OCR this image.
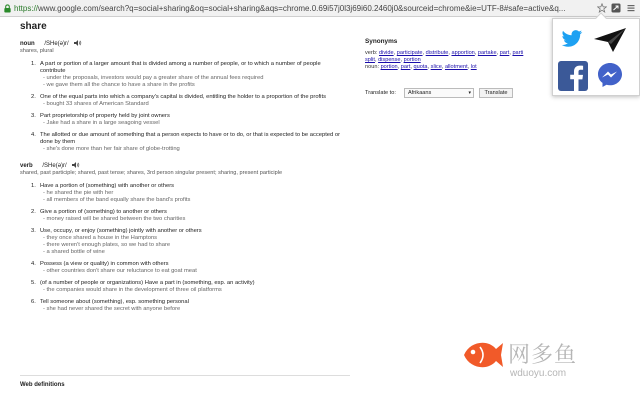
https://www.google.com/search?q=social+sharing&oq=social+sharing&aqs=chrome.0.69i57j0l3j69i60.2460j0&sourceid=chrome&ie=UTF-8#safe=active&q...
share
noun /SHe(ə)r/
shares, plural
1. A part or portion of a larger amount that is divided among a number of people, or to which a number of people contribute
- under the proposals, investors would pay a greater share of the annual fees required
- we gave them all the chance to have a share in the profits
2. One of the equal parts into which a company's capital is divided, entitling the holder to a proportion of the profits
- bought 33 shares of American Standard
3. Part proprietorship of property held by joint owners
- Jake had a share in a large seagoing vessel
4. The allotted or due amount of something that a person expects to have or to do, or that is expected to be accepted or done by them
- she's done more than her fair share of globe-trotting
verb /SHe(ə)r/
shared, past participle; shared, past tense; shares, 3rd person singular present; sharing, present participle
1. Have a portion of (something) with another or others
- he shared the pie with her
- all members of the band equally share the band's profits
2. Give a portion of (something) to another or others
- money raised will be shared between the two charities
3. Use, occupy, or enjoy (something) jointly with another or others
- they once shared a house in the Hamptons
- there weren't enough plates, so we had to share
- a shared bottle of wine
4. Possess (a view or quality) in common with others
- other countries don't share our reluctance to eat goat meat
5. (of a number of people or organizations) Have a part in (something, esp. an activity)
- the companies would share in the development of three oil platforms
6. Tell someone about (something), esp. something personal
- she had never shared the secret with anyone before
Web definitions
Synonyms
verb: divide, participate, distribute, apportion, partake, part, parti
split, dispense, portion
noun: portion, part, quota, slice, allotment, lot
Translate to:	Afrikaans	▾	Translate
网多鱼
wduoyu.com
